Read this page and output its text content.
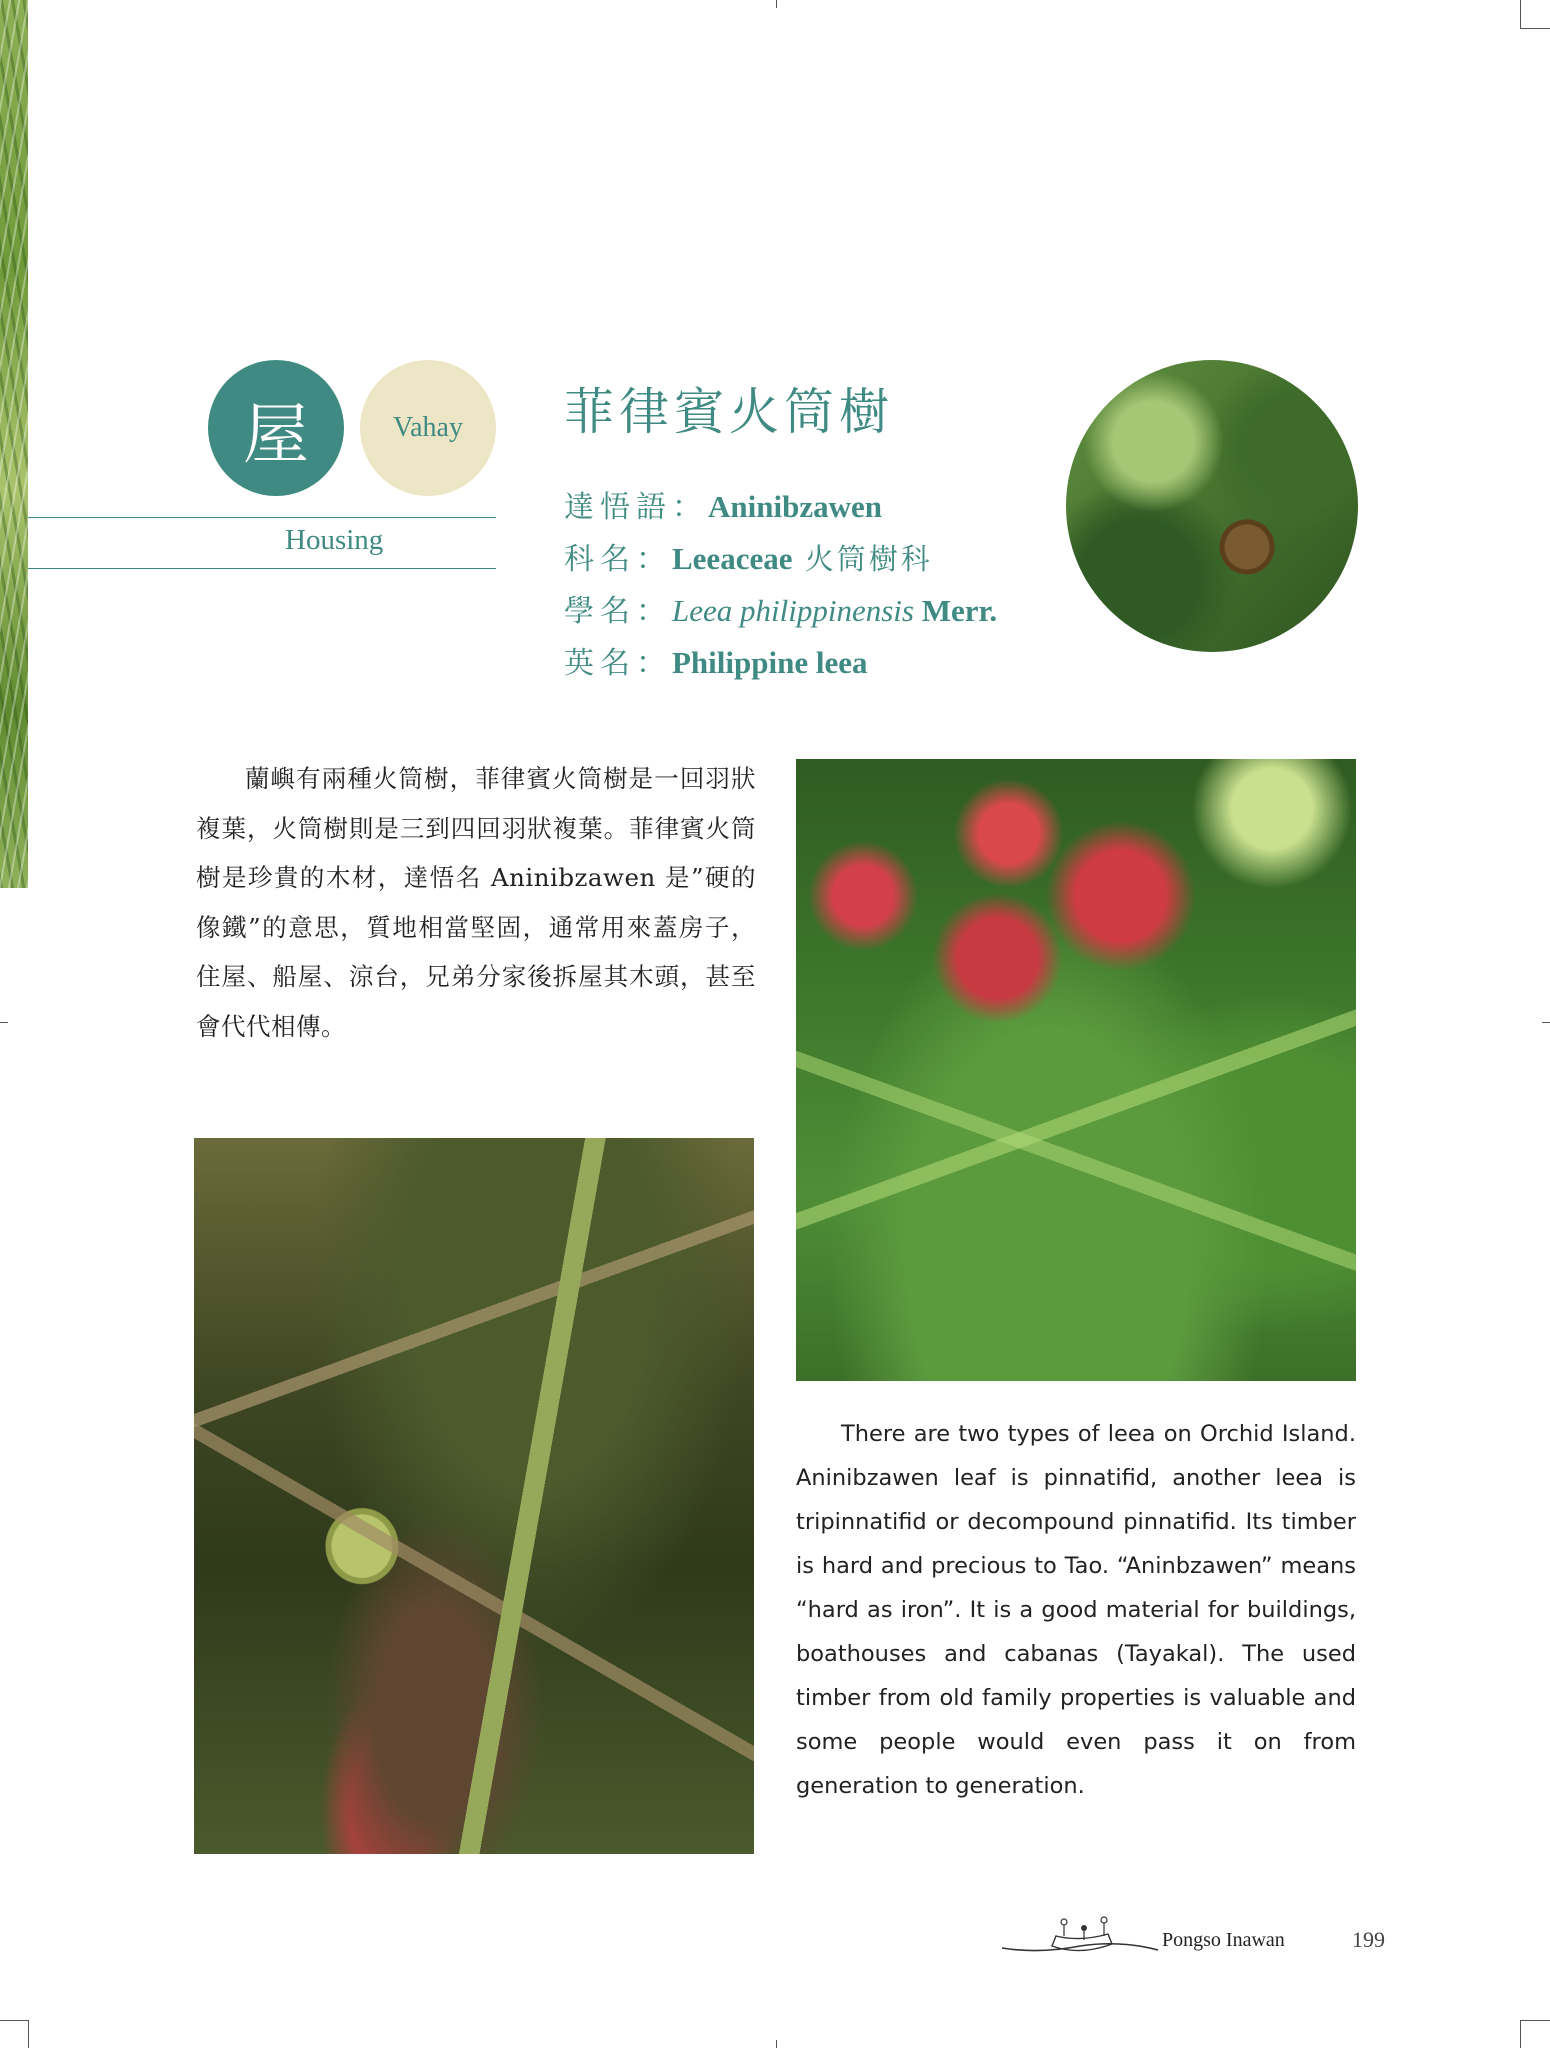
屋	Vahay
Housing
菲律賓火筒樹
達悟語：Aninibzawen
科名：Leeaceae 火筒樹科
學名：Leea philippinensis Merr.
英名：Philippine leea
蘭嶼有兩種火筒樹，菲律賓火筒樹是一回羽狀複葉，火筒樹則是三到四回羽狀複葉。菲律賓火筒樹是珍貴的木材，達悟名 Aninibzawen 是”硬的像鐵”的意思，質地相當堅固，通常用來蓋房子，住屋、船屋、涼台，兄弟分家後拆屋其木頭，甚至會代代相傳。
There are two types of leea on Orchid Island. Aninibzawen leaf is pinnatifid, another leea is tripinnatifid or decompound pinnatifid. Its timber is hard and precious to Tao. “Aninbzawen” means “hard as iron”. It is a good material for buildings, boathouses and cabanas (Tayakal). The used timber from old family properties is valuable and some people would even pass it on from generation to generation.
Pongso Inawan	199
